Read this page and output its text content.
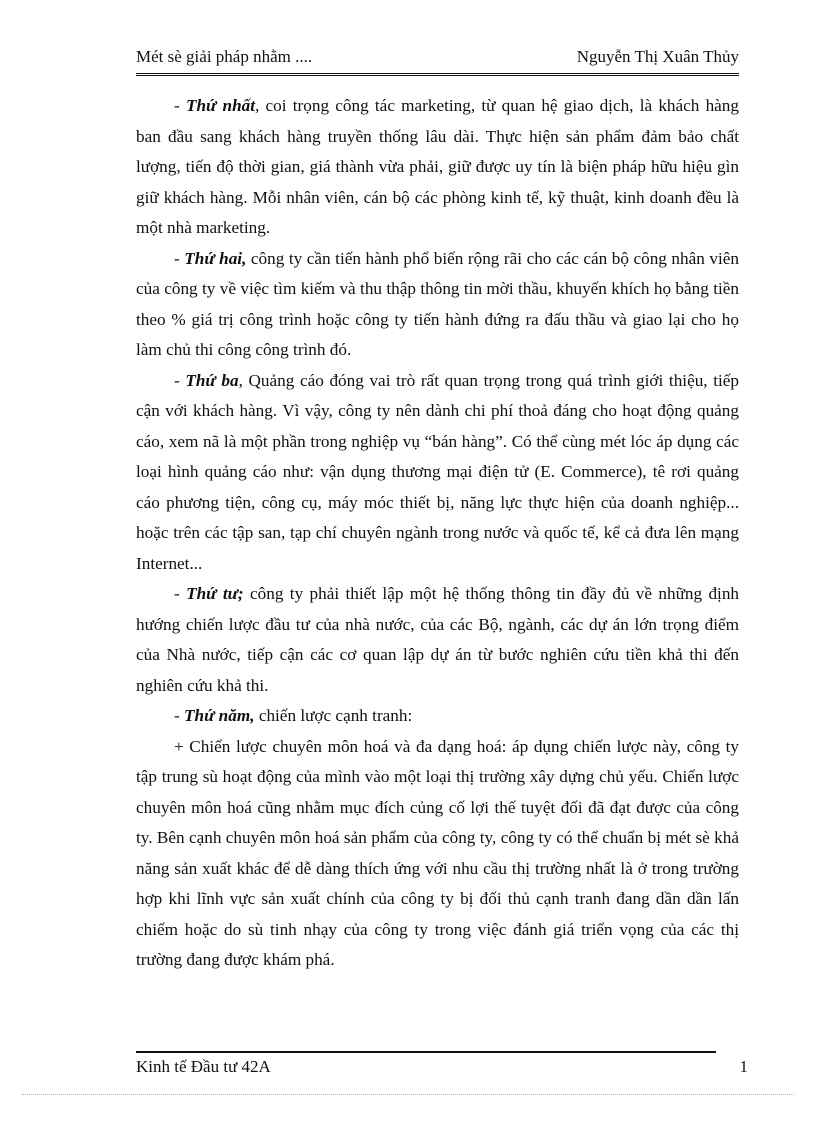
Mét sè giải pháp nhằm ....	Nguyễn Thị Xuân Thủy

- Thứ nhất, coi trọng công tác marketing, từ quan hệ giao dịch, là khách hàng ban đầu sang khách hàng truyền thống lâu dài. Thực hiện sản phẩm đảm bảo chất lượng, tiến độ thời gian, giá thành vừa phải, giữ được uy tín là biện pháp hữu hiệu gìn giữ khách hàng. Mỗi nhân viên, cán bộ các phòng kinh tế, kỹ thuật, kinh doanh đều là một nhà marketing.

- Thứ hai, công ty cần tiến hành phổ biến rộng rãi cho các cán bộ công nhân viên của công ty về việc tìm kiếm và thu thập thông tin mời thầu, khuyến khích họ bằng tiền theo % giá trị công trình hoặc công ty tiến hành đứng ra đấu thầu và giao lại cho họ làm chủ thi công công trình đó.

- Thứ ba, Quảng cáo đóng vai trò rất quan trọng trong quá trình giới thiệu, tiếp cận với khách hàng. Vì vậy, công ty nên dành chi phí thoả đáng cho hoạt động quảng cáo, xem nã là một phần trong nghiệp vụ “bán hàng”. Có thể cùng mét lóc áp dụng các loại hình quảng cáo như: vận dụng thương mại điện tử (E. Commerce), tê rơi quảng cáo phương tiện, công cụ, máy móc thiết bị, năng lực thực hiện của doanh nghiệp... hoặc trên các tập san, tạp chí chuyên ngành trong nước và quốc tế, kể cả đưa lên mạng Internet...

- Thứ tư; công ty phải thiết lập một hệ thống thông tin đầy đủ về những định hướng chiến lược đầu tư của nhà nước, của các Bộ, ngành, các dự án lớn trọng điểm của Nhà nước, tiếp cận các cơ quan lập dự án từ bước nghiên cứu tiền khả thi đến nghiên cứu khả thi.

- Thứ năm, chiến lược cạnh tranh:

+ Chiến lược chuyên môn hoá và đa dạng hoá: áp dụng chiến lược này, công ty tập trung sù hoạt động của mình vào một loại thị trường xây dựng chủ yếu. Chiến lược chuyên môn hoá cũng nhằm mục đích củng cố lợi thế tuyệt đối đã đạt được của công ty. Bên cạnh chuyên môn hoá sản phẩm của công ty, công ty có thể chuẩn bị mét sè khả năng sản xuất khác để dễ dàng thích ứng với nhu cầu thị trường nhất là ở trong trường hợp khi lĩnh vực sản xuất chính của công ty bị đối thủ cạnh tranh đang dần dần lấn chiếm hoặc do sù tinh nhạy của công ty trong việc đánh giá triển vọng của các thị trường đang được khám phá.

Kinh tế Đầu tư 42A	1
